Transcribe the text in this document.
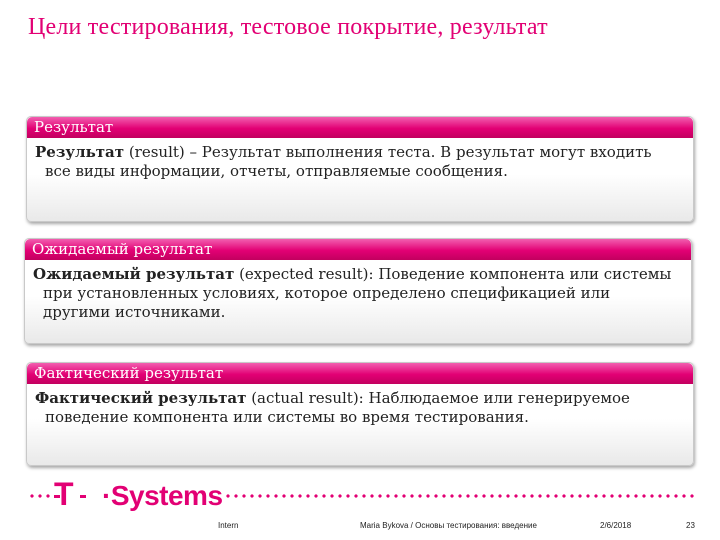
Цели тестирования, тестовое покрытие, результат
Результат
Результат (result) – Результат выполнения теста. В результат могут входить
все виды информации, отчеты, отправляемые сообщения.
Ожидаемый результат
Ожидаемый результат (expected result): Поведение компонента или системы
при установленных условиях, которое определено спецификацией или
другими источниками.
Фактический результат
Фактический результат (actual result): Наблюдаемое или генерируемое
поведение компонента или системы во время тестирования.
T ·Systems
Intern	Maria Bykova / Основы тестирования: введение	2/6/2018	23
